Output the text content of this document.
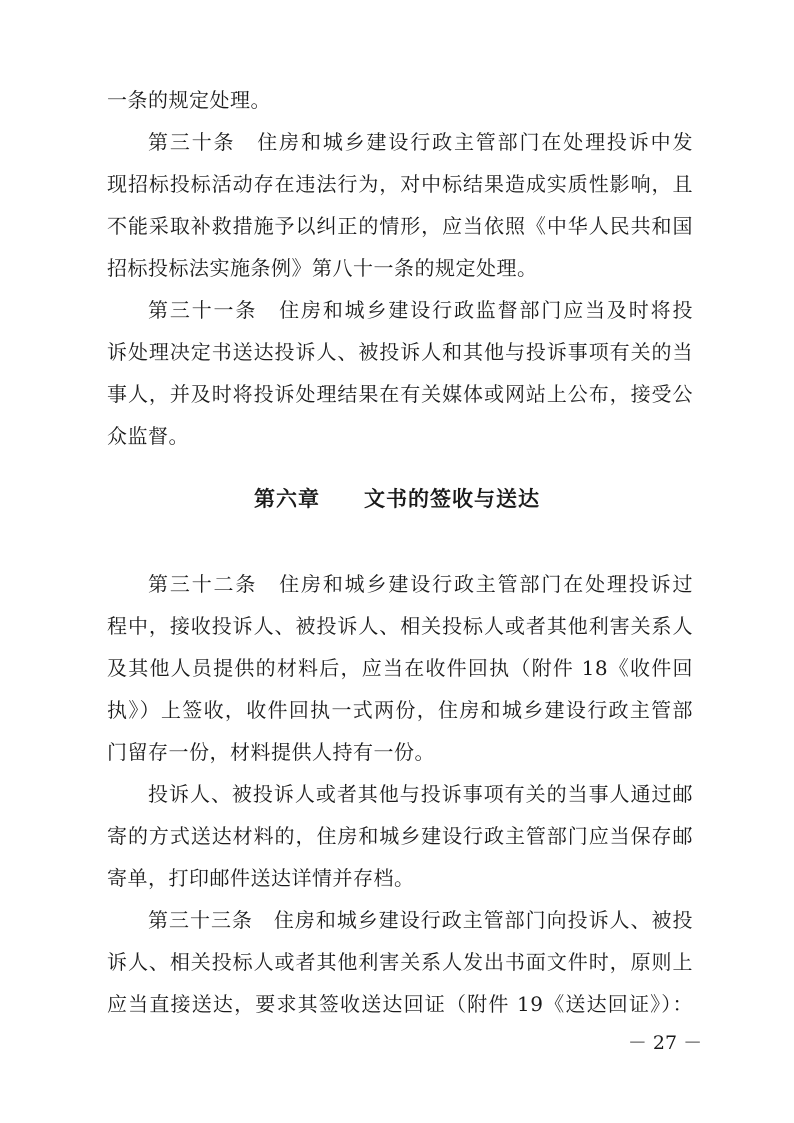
一条的规定处理。
第三十条　住房和城乡建设行政主管部门在处理投诉中发
现招标投标活动存在违法行为，对中标结果造成实质性影响，且
不能采取补救措施予以纠正的情形，应当依照《中华人民共和国
招标投标法实施条例》第八十一条的规定处理。
第三十一条　住房和城乡建设行政监督部门应当及时将投
诉处理决定书送达投诉人、被投诉人和其他与投诉事项有关的当
事人，并及时将投诉处理结果在有关媒体或网站上公布，接受公
众监督。
第六章　　文书的签收与送达
第三十二条　住房和城乡建设行政主管部门在处理投诉过
程中，接收投诉人、被投诉人、相关投标人或者其他利害关系人
及其他人员提供的材料后，应当在收件回执（附件 18《收件回
执》）上签收，收件回执一式两份，住房和城乡建设行政主管部
门留存一份，材料提供人持有一份。
投诉人、被投诉人或者其他与投诉事项有关的当事人通过邮
寄的方式送达材料的，住房和城乡建设行政主管部门应当保存邮
寄单，打印邮件送达详情并存档。
第三十三条　住房和城乡建设行政主管部门向投诉人、被投
诉人、相关投标人或者其他利害关系人发出书面文件时，原则上
应当直接送达，要求其签收送达回证（附件 19《送达回证》）：
－ 27 －
